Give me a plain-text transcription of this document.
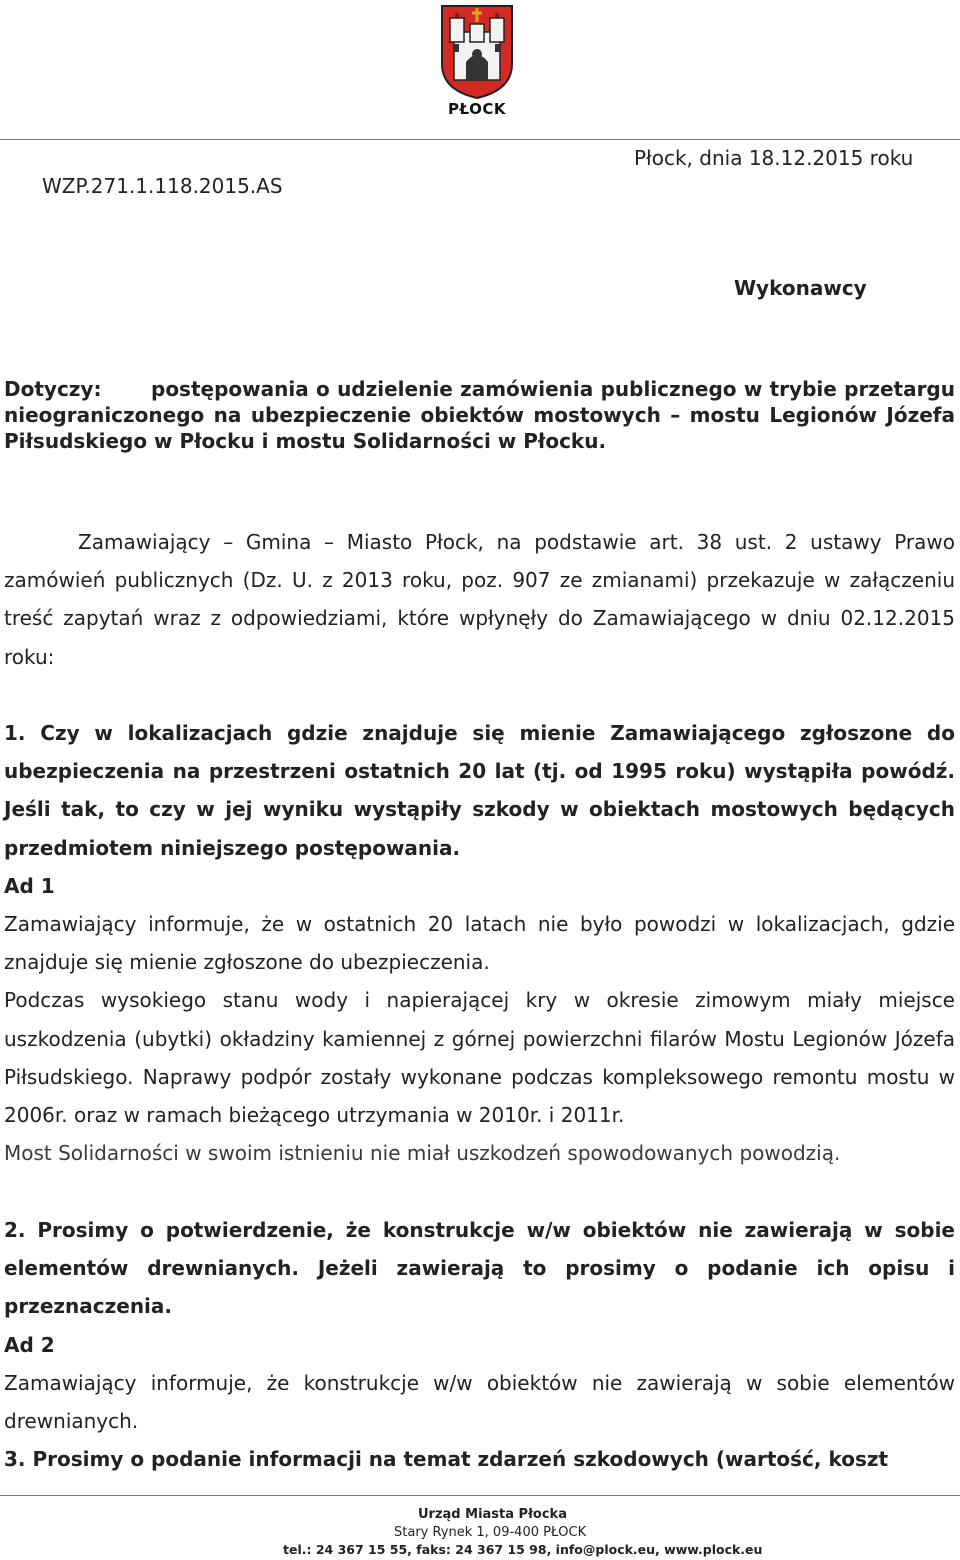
PŁOCK
WZP.271.1.118.2015.AS
Płock, dnia 18.12.2015 roku
Wykonawcy
Dotyczy: postępowania o udzielenie zamówienia publicznego w trybie przetargu nieograniczonego na ubezpieczenie obiektów mostowych – mostu Legionów Józefa Piłsudskiego w Płocku i mostu Solidarności w Płocku.

Zamawiający – Gmina – Miasto Płock, na podstawie art. 38 ust. 2 ustawy Prawo zamówień publicznych (Dz. U. z 2013 roku, poz. 907 ze zmianami) przekazuje w załączeniu treść zapytań wraz z odpowiedziami, które wpłynęły do Zamawiającego w dniu 02.12.2015 roku:

1. Czy w lokalizacjach gdzie znajduje się mienie Zamawiającego zgłoszone do ubezpieczenia na przestrzeni ostatnich 20 lat (tj. od 1995 roku) wystąpiła powódź. Jeśli tak, to czy w jej wyniku wystąpiły szkody w obiektach mostowych będących przedmiotem niniejszego postępowania.

Ad 1

Zamawiający informuje, że w ostatnich 20 latach nie było powodzi w lokalizacjach, gdzie znajduje się mienie zgłoszone do ubezpieczenia.

Podczas wysokiego stanu wody i napierającej kry w okresie zimowym miały miejsce uszkodzenia (ubytki) okładziny kamiennej z górnej powierzchni filarów Mostu Legionów Józefa Piłsudskiego. Naprawy podpór zostały wykonane podczas kompleksowego remontu mostu w 2006r. oraz w ramach bieżącego utrzymania w 2010r. i 2011r.

Most Solidarności w swoim istnieniu nie miał uszkodzeń spowodowanych powodzią.

2. Prosimy o potwierdzenie, że konstrukcje w/w obiektów nie zawierają w sobie elementów drewnianych. Jeżeli zawierają to prosimy o podanie ich opisu i przeznaczenia.

Ad 2

Zamawiający informuje, że konstrukcje w/w obiektów nie zawierają w sobie elementów drewnianych.

3. Prosimy o podanie informacji na temat zdarzeń szkodowych (wartość, koszt

Urząd Miasta Płocka
Stary Rynek 1, 09-400 PŁOCK
tel.: 24 367 15 55, faks: 24 367 15 98, info@plock.eu, www.plock.eu
